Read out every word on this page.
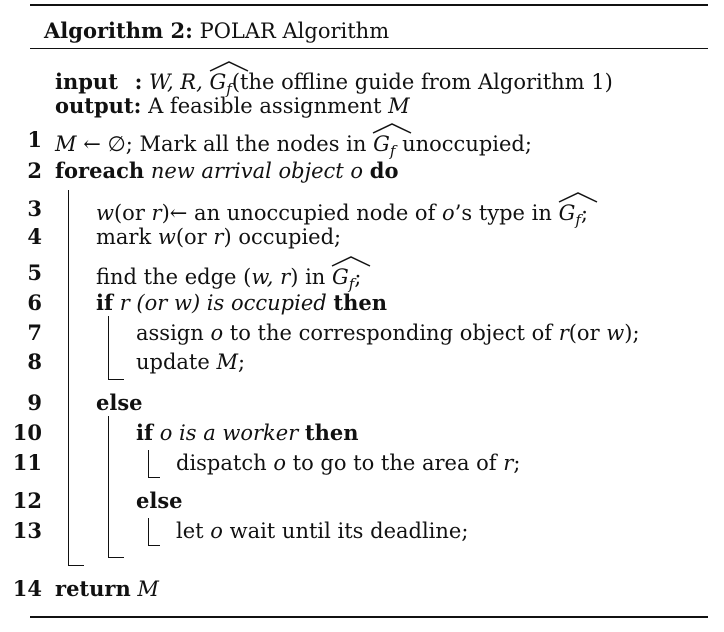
Algorithm 2: POLAR Algorithm
input : W, R, $G_f(the$ offline guide from Algorithm 1)
output: A feasible assignment M
1
2
3
4
5
6
7
8
9
10
11
12
13
14
M ← ∅; Mark all the nodes in
$G_f$ unoccupied;
foreach new arrival object o do
w(or r)← an unoccupied node of o’s type in
$G_f$;
mark w(or r) occupied;
find the edge (w, r) in
$G_f$;
if r (or w) is occupied then
assign o to the corresponding object of r(or w);
update M;
else
if o is a worker then
dispatch o to go to the area of r;
else
let o wait until its deadline;
return M
